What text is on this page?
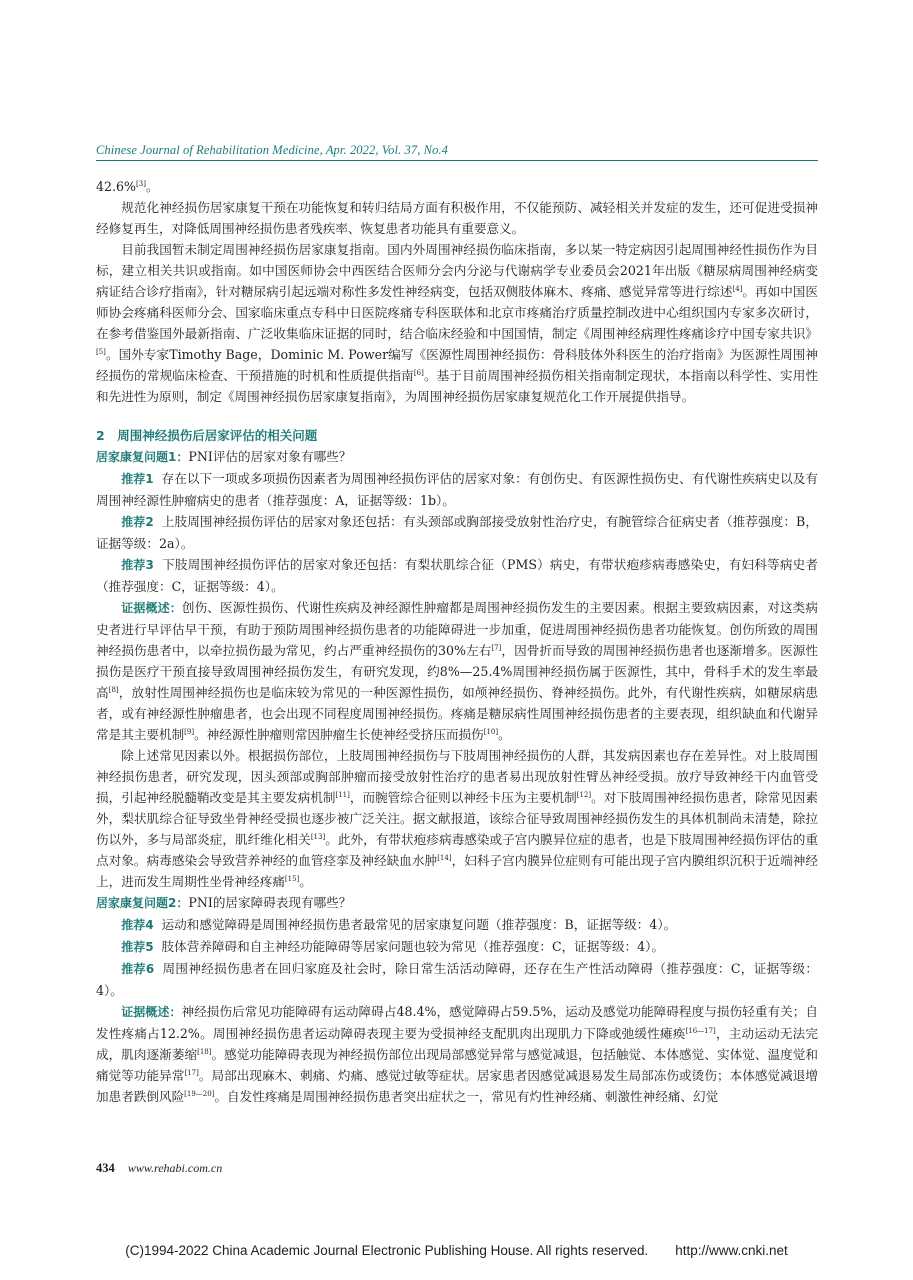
Chinese Journal of Rehabilitation Medicine, Apr. 2022, Vol. 37, No.4

42.6%[3]。

规范化神经损伤居家康复干预在功能恢复和转归结局方面有积极作用，不仅能预防、减轻相关并发症的发生，还可促进受损神经修复再生，对降低周围神经损伤患者残疾率、恢复患者功能具有重要意义。

目前我国暂未制定周围神经损伤居家康复指南。国内外周围神经损伤临床指南，多以某一特定病因引起周围神经性损伤作为目标，建立相关共识或指南。如中国医师协会中西医结合医师分会内分泌与代谢病学专业委员会2021年出版《糖尿病周围神经病变病证结合诊疗指南》，针对糖尿病引起远端对称性多发性神经病变，包括双侧肢体麻木、疼痛、感觉异常等进行综述[4]。再如中国医师协会疼痛科医师分会、国家临床重点专科中日医院疼痛专科医联体和北京市疼痛治疗质量控制改进中心组织国内专家多次研讨，在参考借鉴国外最新指南、广泛收集临床证据的同时，结合临床经验和中国国情，制定《周围神经病理性疼痛诊疗中国专家共识》[5]。国外专家Timothy Bage，Dominic M. Power编写《医源性周围神经损伤：骨科肢体外科医生的治疗指南》为医源性周围神经损伤的常规临床检查、干预措施的时机和性质提供指南[6]。基于目前周围神经损伤相关指南制定现状，本指南以科学性、实用性和先进性为原则，制定《周围神经损伤居家康复指南》，为周围神经损伤居家康复规范化工作开展提供指导。

2　周围神经损伤后居家评估的相关问题

居家康复问题1：PNI评估的居家对象有哪些？

推荐1 存在以下一项或多项损伤因素者为周围神经损伤评估的居家对象：有创伤史、有医源性损伤史、有代谢性疾病史以及有周围神经源性肿瘤病史的患者（推荐强度：A，证据等级：1b）。

推荐2 上肢周围神经损伤评估的居家对象还包括：有头颈部或胸部接受放射性治疗史，有腕管综合征病史者（推荐强度：B，证据等级：2a）。

推荐3 下肢周围神经损伤评估的居家对象还包括：有梨状肌综合征（PMS）病史，有带状疱疹病毒感染史，有妇科等病史者（推荐强度：C，证据等级：4）。

证据概述：创伤、医源性损伤、代谢性疾病及神经源性肿瘤都是周围神经损伤发生的主要因素。根据主要致病因素，对这类病史者进行早评估早干预，有助于预防周围神经损伤患者的功能障碍进一步加重，促进周围神经损伤患者功能恢复。创伤所致的周围神经损伤患者中，以牵拉损伤最为常见，约占严重神经损伤的30%左右[7]，因骨折而导致的周围神经损伤患者也逐渐增多。医源性损伤是医疗干预直接导致周围神经损伤发生，有研究发现，约8%—25.4%周围神经损伤属于医源性，其中，骨科手术的发生率最高[8]，放射性周围神经损伤也是临床较为常见的一种医源性损伤，如颅神经损伤、脊神经损伤。此外，有代谢性疾病，如糖尿病患者，或有神经源性肿瘤患者，也会出现不同程度周围神经损伤。疼痛是糖尿病性周围神经损伤患者的主要表现，组织缺血和代谢异常是其主要机制[9]。神经源性肿瘤则常因肿瘤生长使神经受挤压而损伤[10]。

除上述常见因素以外。根据损伤部位，上肢周围神经损伤与下肢周围神经损伤的人群，其发病因素也存在差异性。对上肢周围神经损伤患者，研究发现，因头颈部或胸部肿瘤而接受放射性治疗的患者易出现放射性臂丛神经受损。放疗导致神经干内血管受损，引起神经脱髓鞘改变是其主要发病机制[11]，而腕管综合征则以神经卡压为主要机制[12]。对下肢周围神经损伤患者，除常见因素外，梨状肌综合征导致坐骨神经受损也逐步被广泛关注。据文献报道，该综合征导致周围神经损伤发生的具体机制尚未清楚，除拉伤以外，多与局部炎症，肌纤维化相关[13]。此外，有带状疱疹病毒感染或子宫内膜异位症的患者，也是下肢周围神经损伤评估的重点对象。病毒感染会导致营养神经的血管痉挛及神经缺血水肿[14]，妇科子宫内膜异位症则有可能出现子宫内膜组织沉积于近端神经上，进而发生周期性坐骨神经疼痛[15]。

居家康复问题2：PNI的居家障碍表现有哪些？

推荐4 运动和感觉障碍是周围神经损伤患者最常见的居家康复问题（推荐强度：B，证据等级：4）。

推荐5 肢体营养障碍和自主神经功能障碍等居家问题也较为常见（推荐强度：C，证据等级：4）。

推荐6 周围神经损伤患者在回归家庭及社会时，除日常生活活动障碍，还存在生产性活动障碍（推荐强度：C，证据等级：4）。

证据概述：神经损伤后常见功能障碍有运动障碍占48.4%，感觉障碍占59.5%，运动及感觉功能障碍程度与损伤轻重有关；自发性疼痛占12.2%。周围神经损伤患者运动障碍表现主要为受损神经支配肌肉出现肌力下降或弛缓性瘫痪[16—17]，主动运动无法完成，肌肉逐渐萎缩[18]。感觉功能障碍表现为神经损伤部位出现局部感觉异常与感觉减退，包括触觉、本体感觉、实体觉、温度觉和痛觉等功能异常[17]。局部出现麻木、刺痛、灼痛、感觉过敏等症状。居家患者因感觉减退易发生局部冻伤或烫伤；本体感觉减退增加患者跌倒风险[19—20]。自发性疼痛是周围神经损伤患者突出症状之一，常见有灼性神经痛、刺激性神经痛、幻觉

434 www.rehabi.com.cn
(C)1994-2022 China Academic Journal Electronic Publishing House. All rights reserved.　　http://www.cnki.net
